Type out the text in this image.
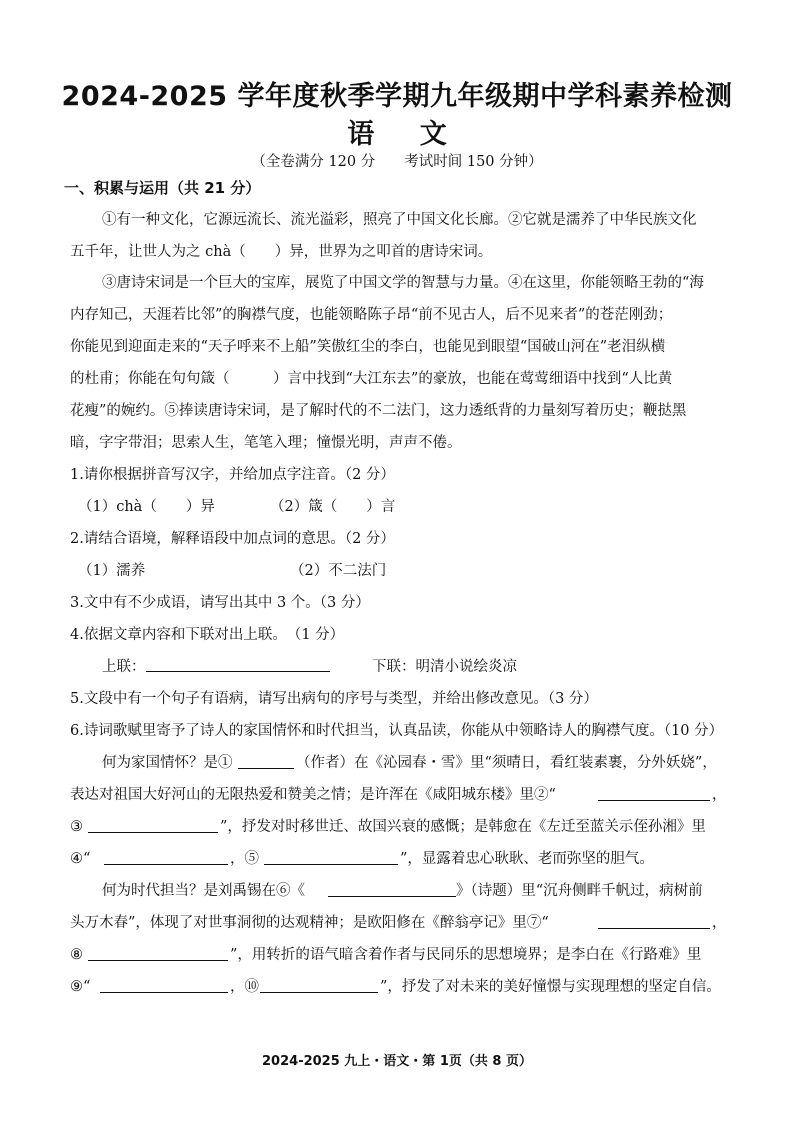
2024-2025 学年度秋季学期九年级期中学科素养检测
语 文
（全卷满分 120 分　　考试时间 150 分钟）
一、积累与运用（共 21 分）
①有一种文化，它源远流长、流光溢彩，照亮了中国文化长廊。②它就是濡养了中华民族文化
五千年，让世人为之 chà（　　）异，世界为之叩首的唐诗宋词。
③唐诗宋词是一个巨大的宝库，展览了中国文学的智慧与力量。④在这里，你能领略王勃的“海
内存知己，天涯若比邻”的胸襟气度，也能领略陈子昂“前不见古人，后不见来者”的苍茫刚劲；
你能见到迎面走来的“天子呼来不上船”笑傲红尘的李白，也能见到眼望“国破山河在”老泪纵横
的杜甫；你能在句句箴（　　　）言中找到“大江东去”的豪放，也能在莺莺细语中找到“人比黄
花瘦”的婉约。⑤捧读唐诗宋词，是了解时代的不二法门，这力透纸背的力量刻写着历史；鞭挞黑
暗，字字带泪；思索人生，笔笔入理；憧憬光明，声声不倦。
1.请你根据拼音写汉字，并给加点字注音。（2 分）
（1）chà（　　）异	（2）箴（　　）言
2.请结合语境，解释语段中加点词的意思。（2 分）
（1）濡养	（2）不二法门
3.文中有不少成语，请写出其中 3 个。（3 分）
4.依据文章内容和下联对出上联。　（1 分）
上联：	下联：明清小说绘炎凉
5.文段中有一个句子有语病，请写出病句的序号与类型，并给出修改意见。（3 分）
6.诗词歌赋里寄予了诗人的家国情怀和时代担当，认真品读，你能从中领略诗人的胸襟气度。（10 分）
何为家国情怀？是①	（作者）在《沁园春・雪》里“须晴日，看红装素裹，分外妖娆”，
表达对祖国大好河山的无限热爱和赞美之情；是许浑在《咸阳城东楼》里②“	，
③	”，抒发对时移世迁、故国兴衰的感慨；是韩愈在《左迁至蓝关示侄孙湘》里
④“	，⑤	”，显露着忠心耿耿、老而弥坚的胆气。
何为时代担当？是刘禹锡在⑥《	》（诗题）里“沉舟侧畔千帆过，病树前
头万木春”，体现了对世事洞彻的达观精神；是欧阳修在《醉翁亭记》里⑦“	，
⑧	”，用转折的语气暗含着作者与民同乐的思想境界；是李白在《行路难》里
⑨“	，⑩	”，抒发了对未来的美好憧憬与实现理想的坚定自信。
2024-2025 九上・语文・第 1页（共 8 页）
